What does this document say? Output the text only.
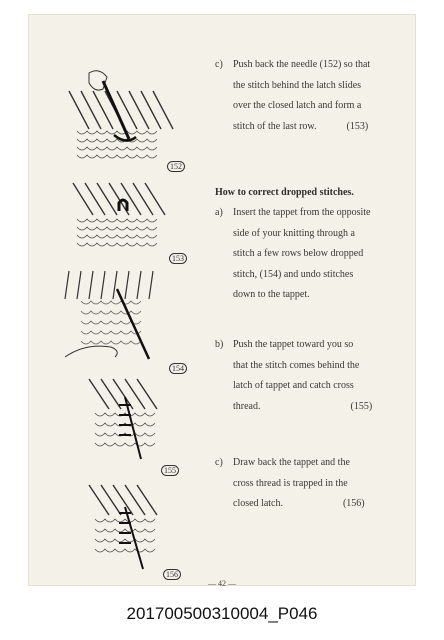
152
153
154
155
156
c) Push back the needle (152) so that
the stitch behind the latch slides
over the closed latch and form a
stitch of the last row.            (153)
How to correct dropped stitches.
a) Insert the tappet from the opposite
side of your knitting through a
stitch a few rows below dropped
stitch, (154) and undo stitches
down to the tappet.
b) Push the tappet toward you so
that the stitch comes behind the
latch of tappet and catch cross
thread.                                    (155)
c) Draw back the tappet and the
cross thread is trapped in the
closed latch.                        (156)
— 42 —
201700500310004_P046
